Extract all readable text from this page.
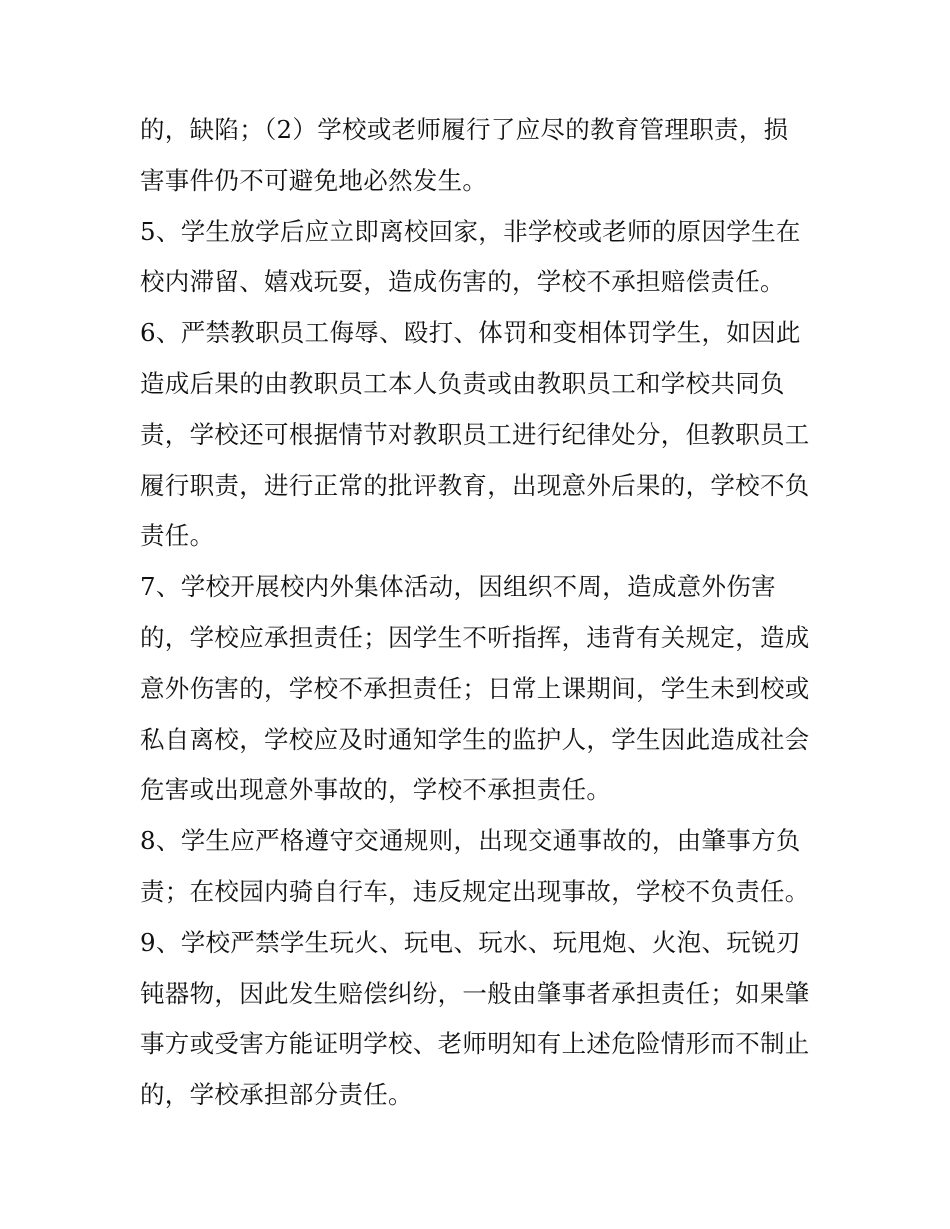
的，缺陷；（2）学校或老师履行了应尽的教育管理职责，损
害事件仍不可避免地必然发生。
5、学生放学后应立即离校回家，非学校或老师的原因学生在
校内滞留、嬉戏玩耍，造成伤害的，学校不承担赔偿责任。
6、严禁教职员工侮辱、殴打、体罚和变相体罚学生，如因此
造成后果的由教职员工本人负责或由教职员工和学校共同负
责，学校还可根据情节对教职员工进行纪律处分，但教职员工
履行职责，进行正常的批评教育，出现意外后果的，学校不负
责任。
7、学校开展校内外集体活动，因组织不周，造成意外伤害
的，学校应承担责任；因学生不听指挥，违背有关规定，造成
意外伤害的，学校不承担责任；日常上课期间，学生未到校或
私自离校，学校应及时通知学生的监护人，学生因此造成社会
危害或出现意外事故的，学校不承担责任。
8、学生应严格遵守交通规则，出现交通事故的，由肇事方负
责；在校园内骑自行车，违反规定出现事故，学校不负责任。
9、学校严禁学生玩火、玩电、玩水、玩甩炮、火泡、玩锐刃
钝器物，因此发生赔偿纠纷，一般由肇事者承担责任；如果肇
事方或受害方能证明学校、老师明知有上述危险情形而不制止
的，学校承担部分责任。
